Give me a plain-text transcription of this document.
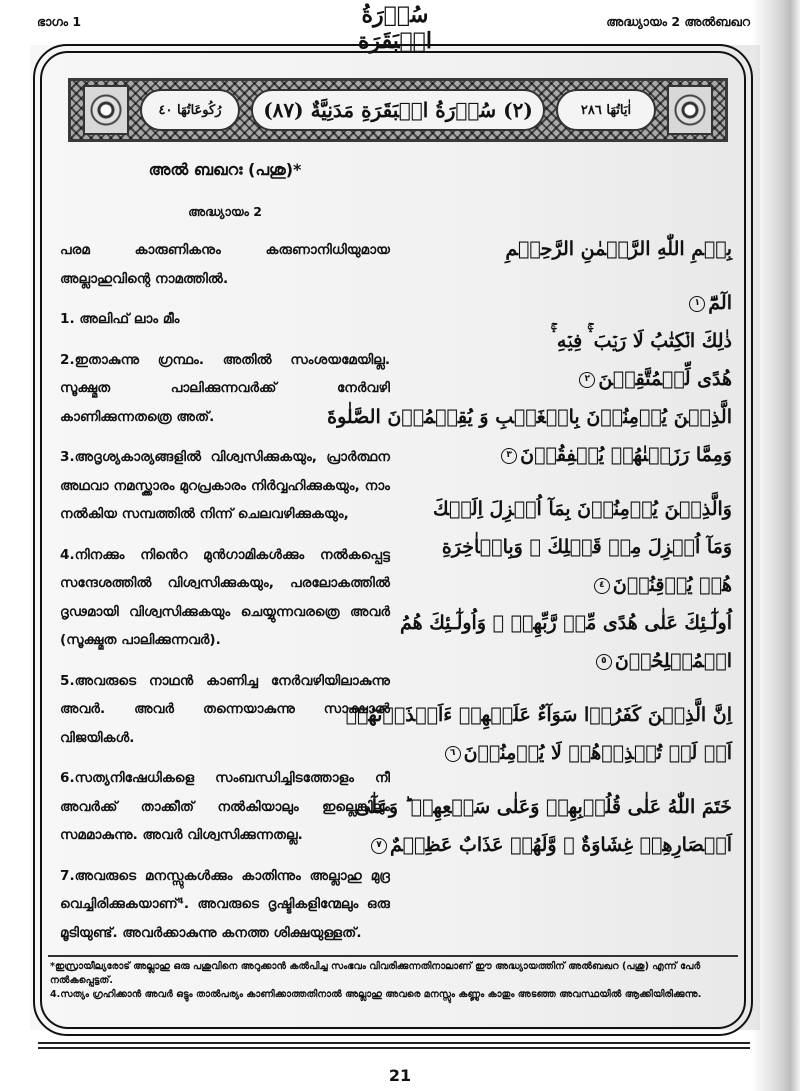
ഭാഗം 1	سُوۡرَةُ الۡبَقَرَة
അദ്ധ്യായം 2 അൽബഖറ
رُكُوعَاتُهَا ٤٠	(٢) سُوۡرَةُ الۡبَقَرَةِ مَدَنِيَّةٌ (٨٧)	اٰيَاتُهَا ٢٨٦
അൽ ബഖറഃ (പശു)*
അദ്ധ്യായം 2

പരമ കാരുണികനും കരുണാനിധിയുമായ അല്ലാഹുവിന്റെ നാമത്തിൽ.

1. അലിഫ് ലാം മീം

2.ഇതാകുന്നു ഗ്രന്ഥം. അതിൽ സംശയമേയില്ല. സൂക്ഷ്മത പാലിക്കുന്നവർക്ക് നേർവഴി കാണിക്കുന്നതത്രെ അത്.

3.അദൃശ്യകാര്യങ്ങളിൽ വിശ്വസിക്കുകയും, പ്രാർത്ഥന അഥവാ നമസ്ക്കാരം മുറപ്രകാരം നിർവ്വഹിക്കുകയും, നാം നൽകിയ സമ്പത്തിൽ നിന്ന് ചെലവഴിക്കുകയും,

4.നിനക്കും നിൻെറ മുൻഗാമികൾക്കും നൽകപ്പെട്ട സന്ദേശത്തിൽ വിശ്വസിക്കുകയും, പരലോകത്തിൽ ദൃഢമായി വിശ്വസിക്കുകയും ചെയ്യുന്നവരത്രെ അവർ (സൂക്ഷ്മത പാലിക്കുന്നവർ).

5.അവരുടെ നാഥൻ കാണിച്ച നേർവഴിയിലാകുന്നു അവർ. അവർ തന്നെയാകുന്നു സാക്ഷാൽ വിജയികൾ.

6.സത്യനിഷേധികളെ സംബന്ധിച്ചിടത്തോളം നീ അവർക്ക് താക്കീത് നൽകിയാലും ഇല്ലെങ്കിലും സമമാകുന്നു. അവർ വിശ്വസിക്കുന്നതല്ല.

7.അവരുടെ മനസ്സുകൾക്കും കാതിന്നും അല്ലാഹു മുദ്ര വെച്ചിരിക്കുകയാണ്⁴. അവരുടെ ദൃഷ്ടികളിന്മേലും ഒരു മൂടിയുണ്ട്. അവർക്കാകുന്നു കനത്ത ശിക്ഷയുള്ളത്.

بِسۡمِ اللّٰهِ الرَّحۡمٰنِ الرَّحِيۡمِ
الٓمّٓ١
ذٰلِكَ الۡكِتٰبُ لَا رَيۡبَ ۛۚ فِيۡهِ ۛۚ
هُدًى لِّلۡمُتَّقِيۡنَ٢
الَّذِيۡنَ يُؤۡمِنُوۡنَ بِالۡغَيۡبِ وَ يُقِيۡمُوۡنَ الصَّلٰوةَ
وَمِمَّا رَزَقۡنٰهُمۡ يُنۡفِقُوۡنَ٣
وَالَّذِيۡنَ يُؤۡمِنُوۡنَ بِمَآ اُنۡزِلَ اِلَيۡكَ
وَمَآ اُنۡزِلَ مِنۡ قَبۡلِكَ ۚ وَبِالۡاٰخِرَةِ
هُمۡ يُوۡقِنُوۡنَ٤
اُولٰٓـئِكَ عَلٰى هُدًى مِّنۡ رَّبِّهِمۡ ۗ وَاُولٰٓـئِكَ هُمُ
الۡمُفۡلِحُوۡنَ٥
اِنَّ الَّذِيۡنَ كَفَرُوۡا سَوَآءٌ عَلَيۡهِمۡ ءَاَنۡذَرۡتَهُمۡ
اَمۡ لَمۡ تُنۡذِرۡهُمۡ لَا يُؤۡمِنُوۡنَ٦
خَتَمَ اللّٰهُ عَلٰى قُلُوۡبِهِمۡ وَعَلٰى سَمۡعِهِمۡ ؕ وَعَلٰٓى
اَبۡصَارِهِمۡ غِشَاوَةٌ ۚ وَّلَهُمۡ عَذَابٌ عَظِيۡمٌ٧

*ഇസ്രായീല്യരോട് അല്ലാഹു ഒരു പശുവിനെ അറുക്കാൻ കൽപിച്ച സംഭവം വിവരിക്കുന്നതിനാലാണ് ഈ അദ്ധ്യായത്തിന് അൽബഖറ (പശു) എന്ന് പേർ നൽകപ്പെട്ടത്.

4.സത്യം ഗ്രഹിക്കാൻ അവർ ഒട്ടും താൽപര്യം കാണിക്കാത്തതിനാൽ അല്ലാഹു അവരെ മനസ്സും കണ്ണും കാതും അടഞ്ഞ അവസ്ഥയിൽ ആക്കിയിരിക്കുന്നു.

21
